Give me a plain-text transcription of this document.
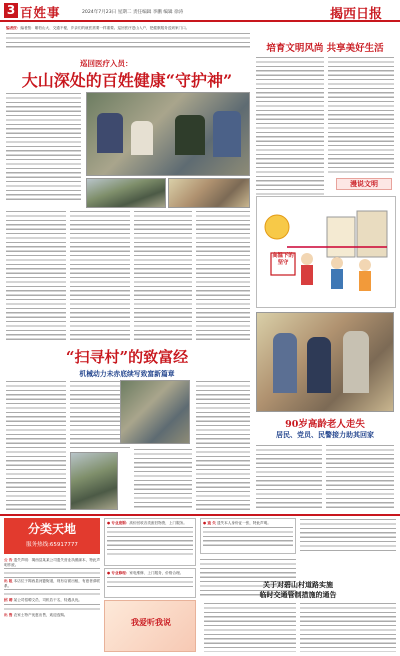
3 百姓事	2024年7月23日 星期二 责任编辑 李鹏 编辑 徐涛	揭西日报
编者按：编者按：哪怕山大、交通不便，乡亲们的就医需要一样重要。巡回医疗进山入户，把健康服务送到家门口。
巡回医疗入员：
大山深处的百姓健康“守护神”
培育文明风尚 共享美好生活
漫说文明
高温下的坚守
“扫寻村”的致富经
机械动力未赤底续写致富新篇章
90岁高龄老人走失
居民、党员、民警接力助其回家
分类天地
服务热线:65917777
公 告 遗失声明：揭西县某某公司遗失营业执照副本，特此声明作废。
出 租 本店位于揭西县河婆街道，现有店面出租，有意者请联系。
招 聘 某公司招聘文员、司机若干名，待遇从优。
出 售 农家土特产优惠出售，欢迎选购。
● 专业废钢：高价回收各类废旧物资，上门服务。
● 专业修理：家电维修、上门服务，价格合理。
我爱听我说
● 遗 失 遗失本人身份证一张，特此声明。
关于对碧山村道路实施
临时交通管制措施的通告
